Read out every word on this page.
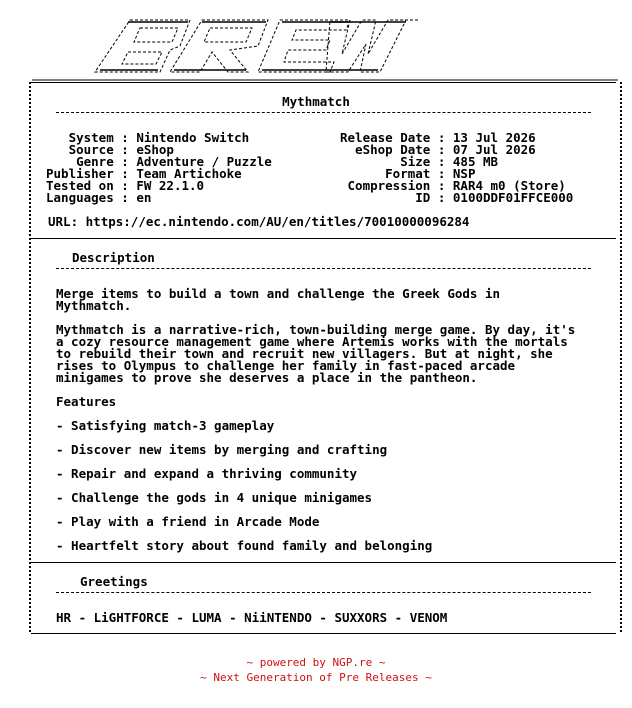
Mythmatch
System : Nintendo Switch
Source : eShop
Genre : Adventure / Puzzle
Publisher : Team Artichoke
Tested on : FW 22.1.0
Languages : en
Release Date : 13 Jul 2026
eShop Date : 07 Jul 2026
Size : 485 MB
Format : NSP
Compression : RAR4 m0 (Store)
ID : 0100DDF01FFCE000
URL: https://ec.nintendo.com/AU/en/titles/70010000096284
Description
Merge items to build a town and challenge the Greek Gods in
Mythmatch.
Mythmatch is a narrative-rich, town-building merge game. By day, it's
a cozy resource management game where Artemis works with the mortals
to rebuild their town and recruit new villagers. But at night, she
rises to Olympus to challenge her family in fast-paced arcade
minigames to prove she deserves a place in the pantheon.
Features
- Satisfying match-3 gameplay
- Discover new items by merging and crafting
- Repair and expand a thriving community
- Challenge the gods in 4 unique minigames
- Play with a friend in Arcade Mode
- Heartfelt story about found family and belonging
Greetings
HR - LiGHTFORCE - LUMA - NiiNTENDO - SUXXORS - VENOM
~ powered by NGP.re ~
~ Next Generation of Pre Releases ~
